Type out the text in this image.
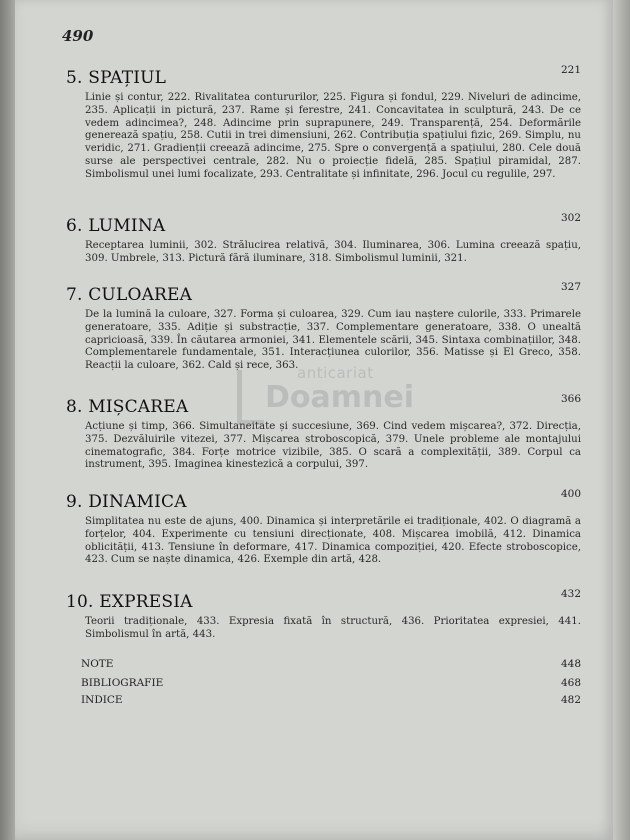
490
5. SPAȚIUL	221
Linie și contur, 222. Rivalitatea contururilor, 225. Figura și fondul, 229. Niveluri de adincime, 235. Aplicații in pictură, 237. Rame și ferestre, 241. Concavitatea in sculptură, 243. De ce vedem adincimea?, 248. Adincime prin suprapunere, 249. Transparență, 254. Deformările generează spațiu, 258. Cutii in trei dimensiuni, 262. Contribuția spațiului fizic, 269. Simplu, nu veridic, 271. Gradienții creează adincime, 275. Spre o convergență a spațiului, 280. Cele două surse ale perspectivei centrale, 282. Nu o proiecție fidelă, 285. Spațiul piramidal, 287. Simbolismul unei lumi focalizate, 293. Centralitate și infinitate, 296. Jocul cu regulile, 297.
6. LUMINA	302
Receptarea luminii, 302. Strălucirea relativă, 304. Iluminarea, 306. Lumina creează spațiu, 309. Umbrele, 313. Pictură fără iluminare, 318. Simbolismul luminii, 321.
7. CULOAREA	327
De la lumină la culoare, 327. Forma și culoarea, 329. Cum iau naștere culorile, 333. Primarele generatoare, 335. Adiție și substracție, 337. Complementare generatoare, 338. O unealtă capricioasă, 339. În căutarea armoniei, 341. Elementele scării, 345. Sintaxa combinațiilor, 348. Complementarele fundamentale, 351. Interacțiunea culorilor, 356. Matisse și El Greco, 358. Reacții la culoare, 362. Cald și rece, 363.
8. MIȘCAREA	366
Acțiune și timp, 366. Simultaneitate și succesiune, 369. Cind vedem mișcarea?, 372. Direcția, 375. Dezvăluirile vitezei, 377. Mișcarea stroboscopică, 379. Unele probleme ale montajului cinematografic, 384. Forțe motrice vizibile, 385. O scară a complexității, 389. Corpul ca instrument, 395. Imaginea kinestezică a corpului, 397.
9. DINAMICA	400
Simplitatea nu este de ajuns, 400. Dinamica și interpretările ei tradiționale, 402. O diagramă a forțelor, 404. Experimente cu tensiuni direcționate, 408. Mișcarea imobilă, 412. Dinamica oblicității, 413. Tensiune în deformare, 417. Dinamica compoziției, 420. Efecte stroboscopice, 423. Cum se naște dinamica, 426. Exemple din artă, 428.
10. EXPRESIA	432
Teorii tradiționale, 433. Expresia fixată în structură, 436. Prioritatea expresiei, 441. Simbolismul în artă, 443.
NOTE	448
BIBLIOGRAFIE	468
INDICE	482
anticariat
Doamnei
